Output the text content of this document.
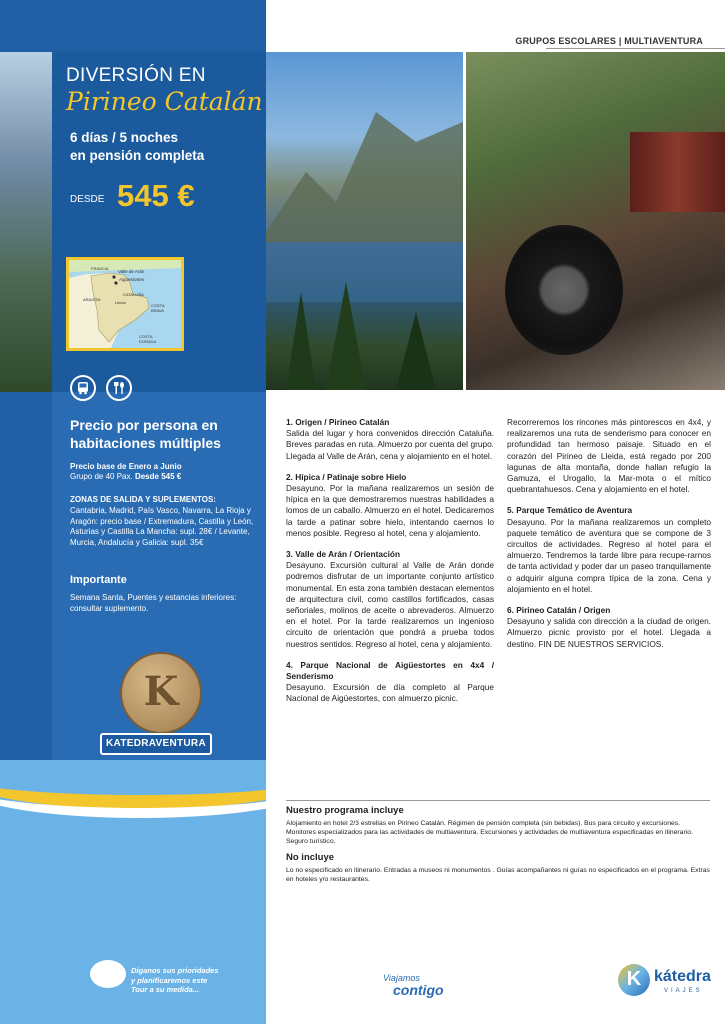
GRUPOS ESCOLARES | MULTIAVENTURA
DIVERSIÓN EN
Pirineo Catalán
6 días / 5 noches
en pensión completa
DESDE 545 €
FRANCIA
Valle de Arán
Aigüestortes
ARAGÓN
Lleida
CATALUÑA
COSTA BRAVA
COSTA DORADA

Precio por persona en habitaciones múltiples
Precio base de Enero a Junio
Grupo de 40 Pax. Desde 545 €
ZONAS DE SALIDA Y SUPLEMENTOS:
Cantabria, Madrid, País Vasco, Navarra, La Rioja y Aragón: precio base / Extremadura, Castilla y León, Asturias y Castilla La Mancha: supl. 28€ / Levante, Murcia, Andalucía y Galicia: supl. 35€
Importante
Semana Santa, Puentes y estancias inferiores: consultar suplemento.
K
KATEDRAVENTURA
Díganos sus prioridades
y planificaremos este
Tour a su medida...
1. Origen / Pirineo Catalán

Salida del lugar y hora convenidos dirección Cataluña. Breves paradas en ruta. Almuerzo por cuenta del grupo. Llegada al Valle de Arán, cena y alojamiento en el hotel.

2. Hípica / Patinaje sobre Hielo

Desayuno. Por la mañana realizaremos un sesión de hípica en la que demostraremos nuestras habilidades a lomos de un caballo. Almuerzo en el hotel. Dedicaremos la tarde a patinar sobre hielo, intentando caernos lo menos posible. Regreso al hotel, cena y alojamiento.

3. Valle de Arán / Orientación

Desayuno. Excursión cultural al Valle de Arán donde podremos disfrutar de un importante conjunto artístico monumental. En esta zona también destacan elementos de arquitectura civil, como castillos fortificados, casas señoriales, molinos de aceite o abrevaderos. Almuerzo en el hotel. Por la tarde realizaremos un ingenioso circuito de orientación que pondrá a prueba todos nuestros sentidos. Regreso al hotel, cena y alojamiento.

4. Parque Nacional de Aigüestortes en 4x4 / Senderismo

Desayuno. Excursión de día completo al Parque Nacional de Aigüestortes, con almuerzo picnic.

Recorreremos los rincones más pintorescos en 4x4, y realizaremos una ruta de senderismo para conocer en profundidad tan hermoso paisaje. Situado en el corazón del Pirineo de Lleida, está regado por 200 lagunas de alta montaña, donde hallan refugio la Gamuza, el Urogallo, la Mar-mota o el mítico quebrantahuesos. Cena y alojamiento en el hotel.

5. Parque Temático de Aventura

Desayuno. Por la mañana realizaremos un completo paquete temático de aventura que se compone de 3 circuitos de actividades. Regreso al hotel para el almuerzo. Tendremos la tarde libre para recupe-rarnos de tanta actividad y poder dar un paseo tranquilamente o adquirir alguna compra típica de la zona. Cena y alojamiento en el hotel.

6. Pirineo Catalán / Origen

Desayuno y salida con dirección a la ciudad de origen. Almuerzo picnic provisto por el hotel. Llegada a destino. FIN DE NUESTROS SERVICIOS.

Nuestro programa incluye

Alojamiento en hotel 2/3 estrellas en Pirineo Catalán. Régimen de pensión completa (sin bebidas). Bus para circuito y excursiones. Monitores especializados para las actividades de multiaventura. Excursiones y actividades de multiaventura especificadas en itinerario. Seguro turístico.

No incluye

Lo no especificado en itinerario. Entradas a museos ni monumentos . Guías acompañantes ni guías no especificados en el programa. Extras en hoteles y/o restaurantes.

Viajamos
contigo	K kátedra
VIAJES
